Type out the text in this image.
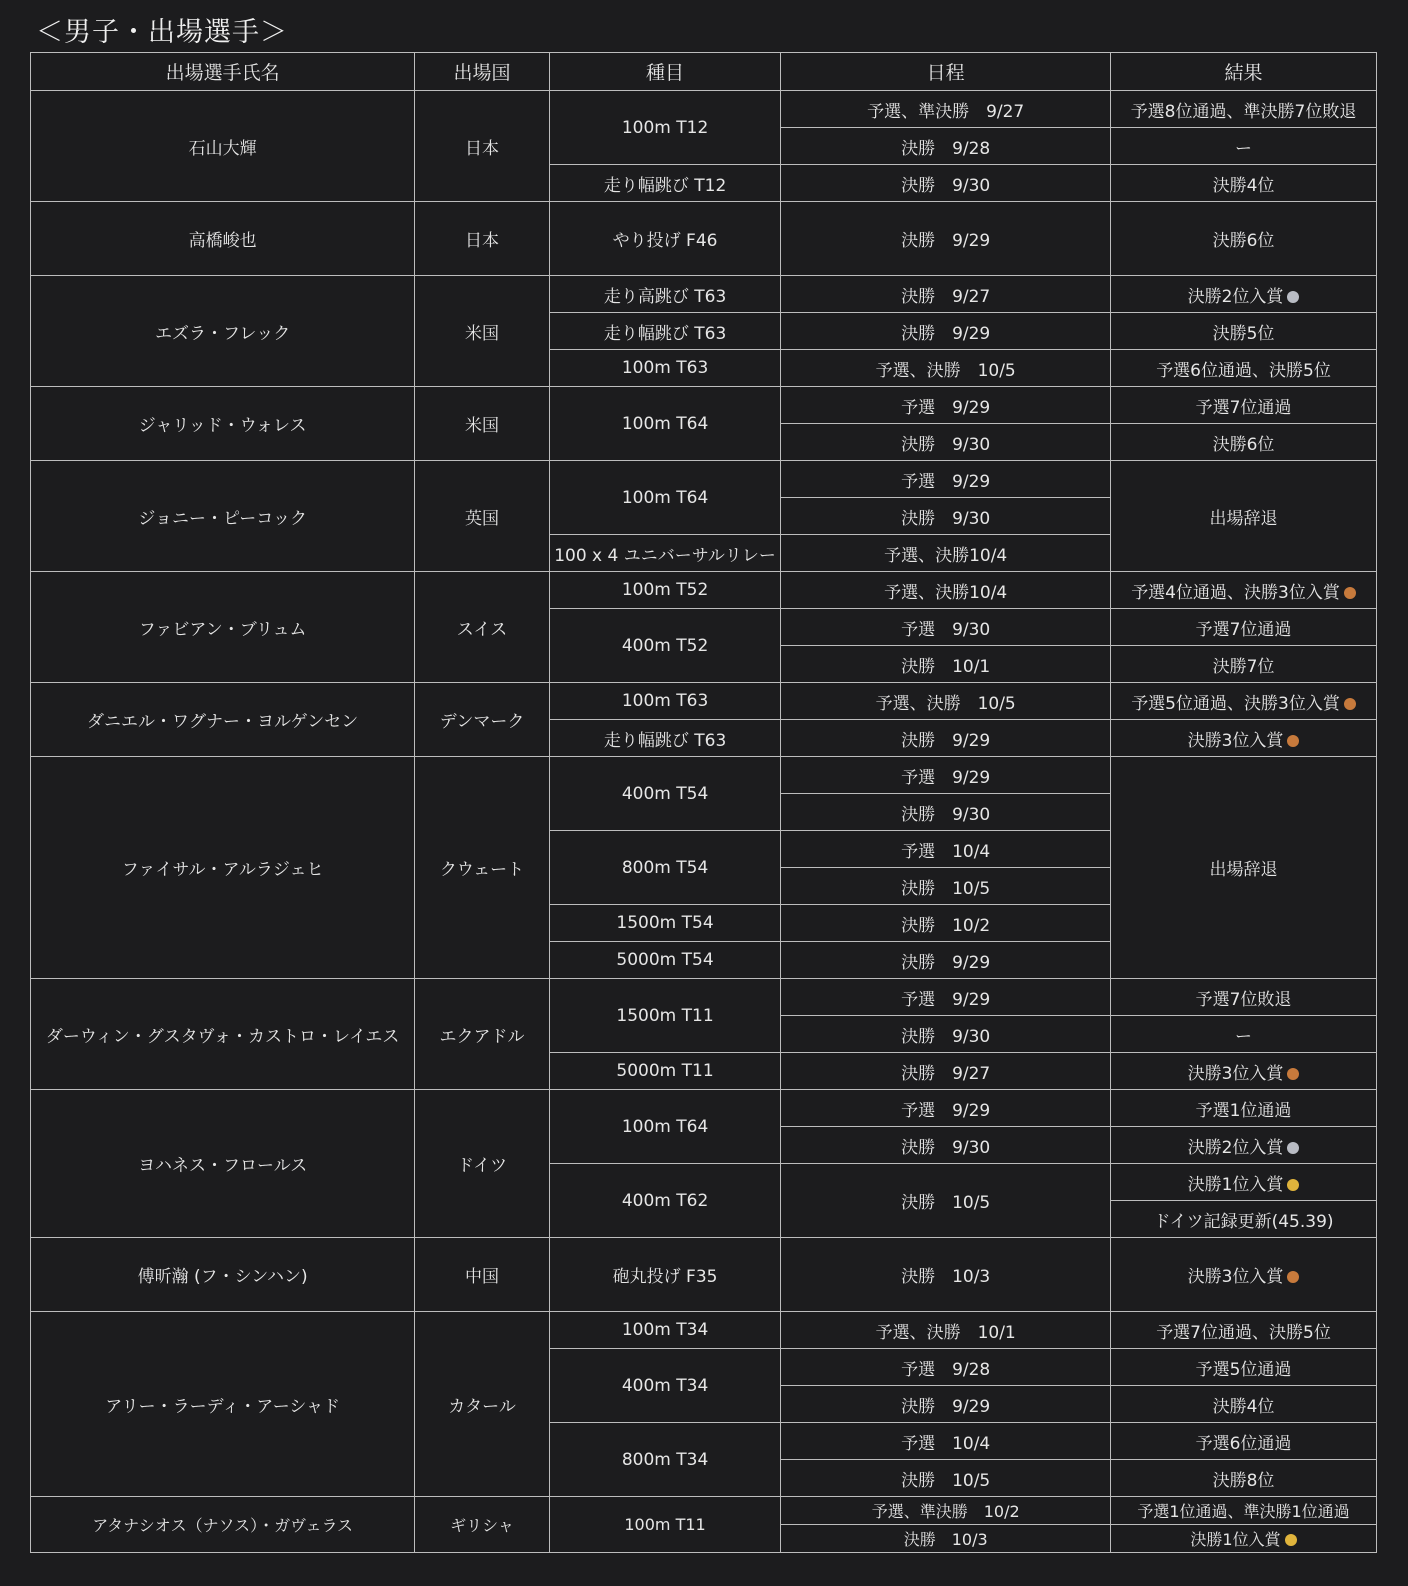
＜男子・出場選手＞
出場選手氏名	出場国	種目	日程	結果
石山大輝	日本	100m T12	予選、準決勝　9/27	予選8位通過、準決勝7位敗退
			決勝　9/28	ー
		走り幅跳び T12	決勝　9/30	決勝4位
高橋峻也	日本	やり投げ F46	決勝　9/29	決勝6位

エズラ・フレック	米国	走り高跳び T63	決勝　9/27	決勝2位入賞
		走り幅跳び T63	決勝　9/29	決勝5位
		100m T63	予選、決勝　10/5	予選6位通過、決勝5位
ジャリッド・ウォレス	米国	100m T64	予選　9/29	予選7位通過
			決勝　9/30	決勝6位
ジョニー・ピーコック	英国	100m T64	予選　9/29	出場辞退
			決勝　9/30	
		100 x 4 ユニバーサルリレー	予選、決勝10/4	
ファビアン・ブリュム	スイス	100m T52	予選、決勝10/4	予選4位通過、決勝3位入賞
		400m T52	予選　9/30	予選7位通過
			決勝　10/1	決勝7位
ダニエル・ワグナー・ヨルゲンセン	デンマーク	100m T63	予選、決勝　10/5	予選5位通過、決勝3位入賞
		走り幅跳び T63	決勝　9/29	決勝3位入賞
ファイサル・アルラジェヒ	クウェート	400m T54	予選　9/29	出場辞退
			決勝　9/30	
		800m T54	予選　10/4	
			決勝　10/5	
		1500m T54	決勝　10/2	
		5000m T54	決勝　9/29	
ダーウィン・グスタヴォ・カストロ・レイエス	エクアドル	1500m T11	予選　9/29	予選7位敗退
			決勝　9/30	ー
		5000m T11	決勝　9/27	決勝3位入賞
ヨハネス・フロールス	ドイツ	100m T64	予選　9/29	予選1位通過
			決勝　9/30	決勝2位入賞
		400m T62	決勝　10/5	決勝1位入賞
				ドイツ記録更新(45.39)
傅昕瀚 (フ・シンハン)	中国	砲丸投げ F35	決勝　10/3	決勝3位入賞

アリー・ラーディ・アーシャド	カタール	100m T34	予選、決勝　10/1	予選7位通過、決勝5位
		400m T34	予選　9/28	予選5位通過
			決勝　9/29	決勝4位
		800m T34	予選　10/4	予選6位通過
			決勝　10/5	決勝8位
アタナシオス（ナソス）・ガヴェラス	ギリシャ	100m T11	予選、準決勝　10/2	予選1位通過、準決勝1位通過
			決勝　10/3	決勝1位入賞
